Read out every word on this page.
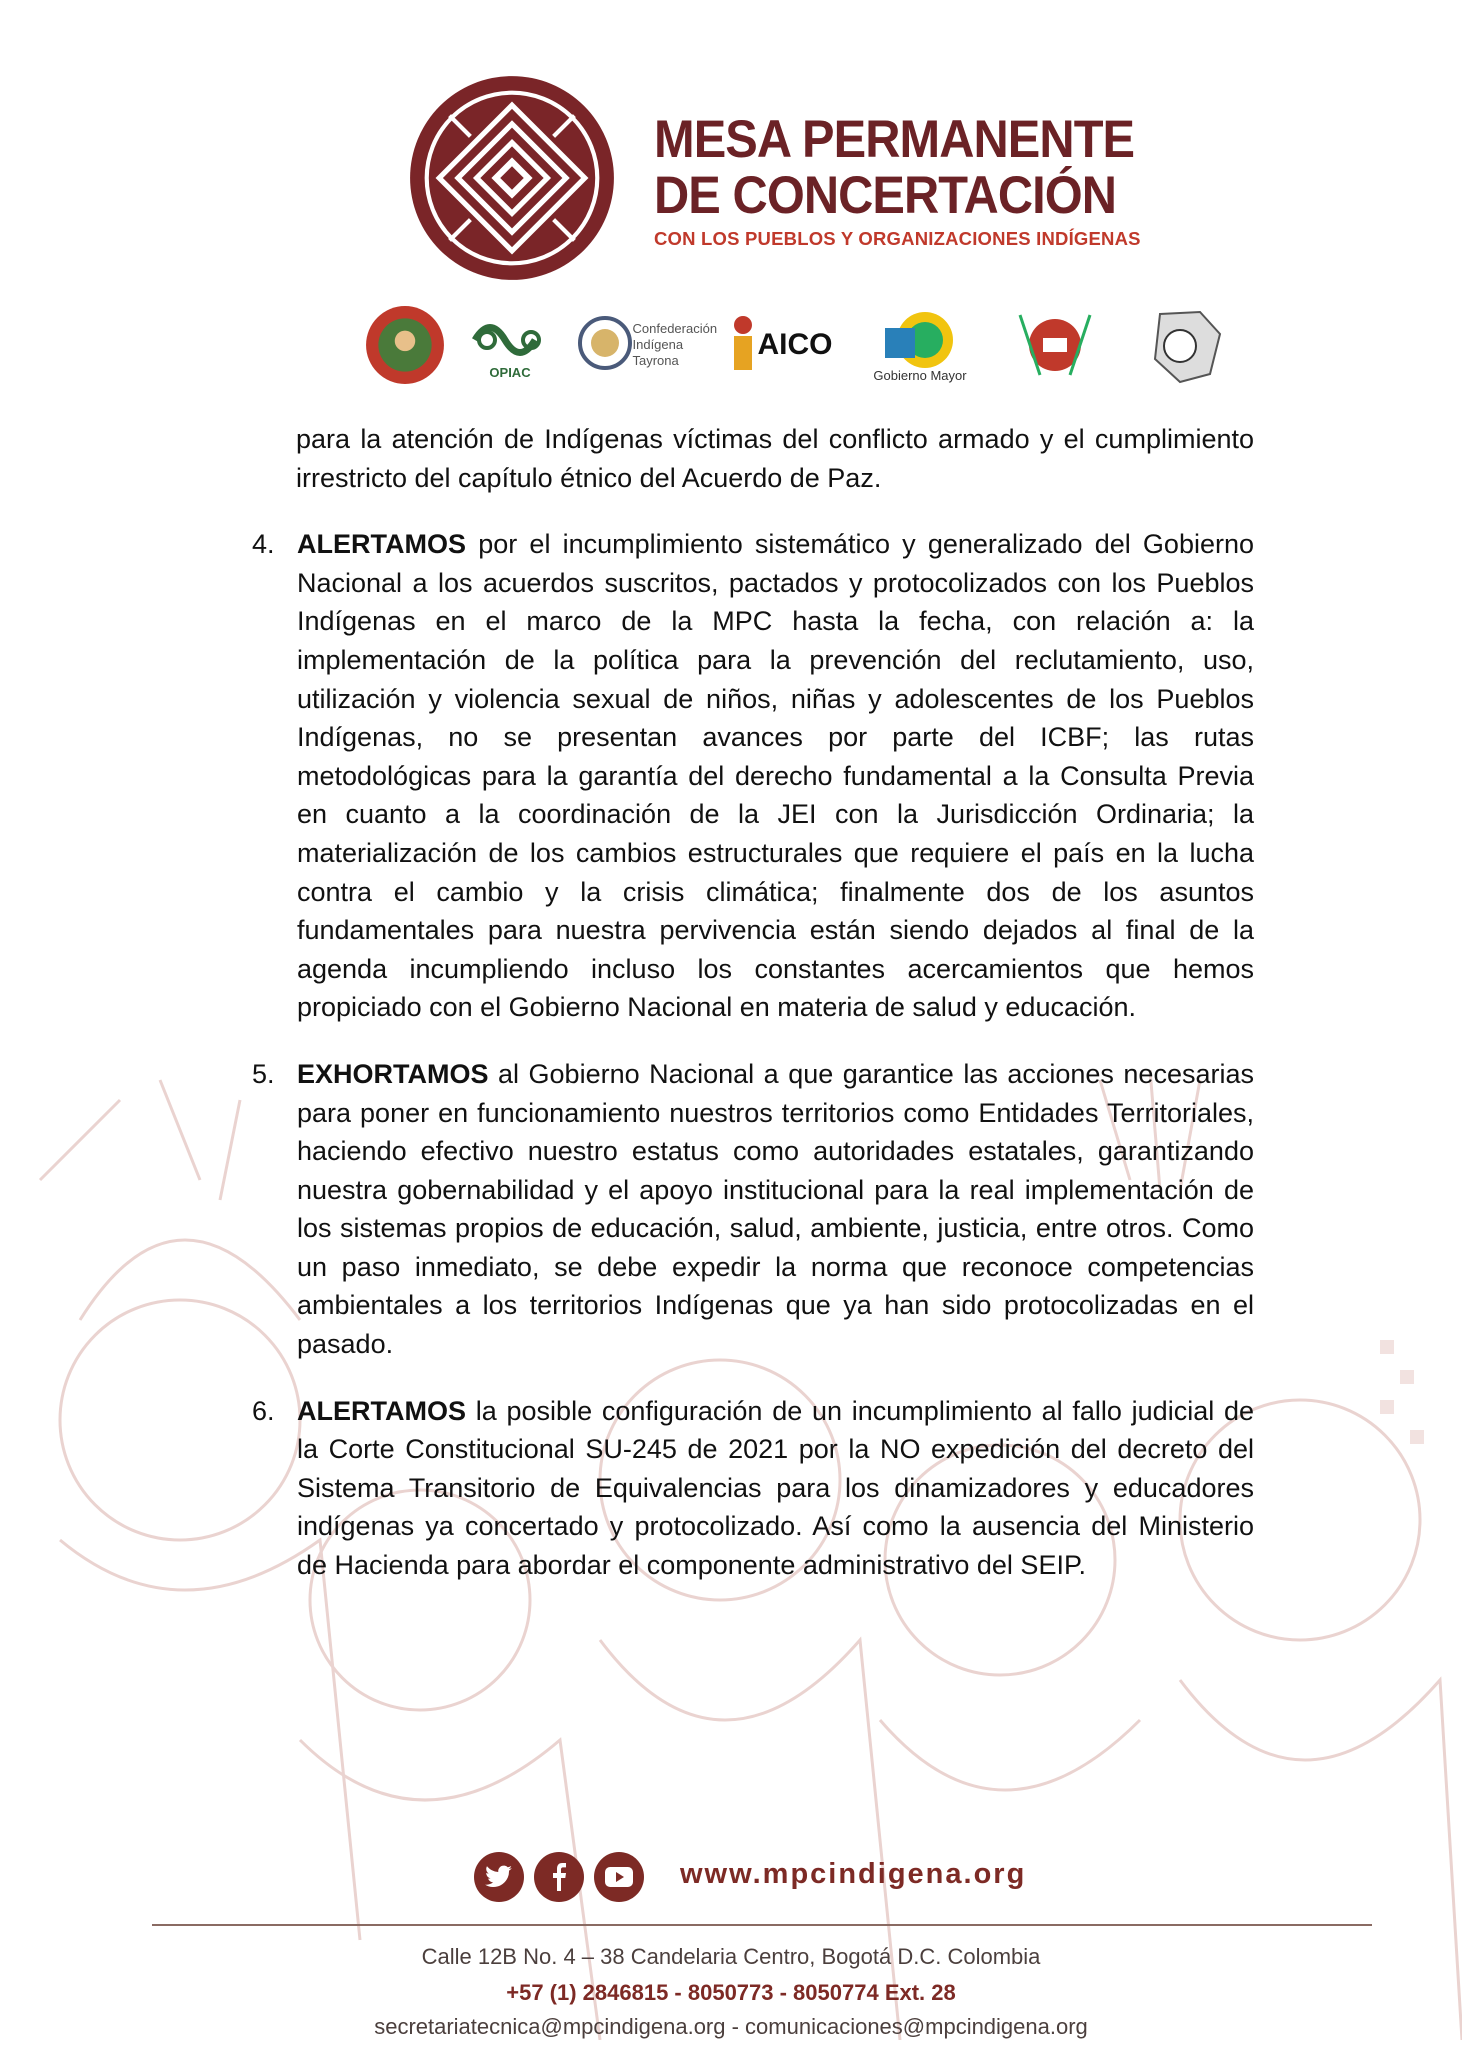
MESA PERMANENTE
DE CONCERTACIÓN
CON LOS PUEBLOS Y ORGANIZACIONES INDÍGENAS
OPIAC
Confederación Indígena Tayrona	AICO
Gobierno Mayor

para la atención de Indígenas víctimas del conflicto armado y el cumplimiento irrestricto del capítulo étnico del Acuerdo de Paz.

4. ALERTAMOS por el incumplimiento sistemático y generalizado del Gobierno Nacional a los acuerdos suscritos, pactados y protocolizados con los Pueblos Indígenas en el marco de la MPC hasta la fecha, con relación a: la implementación de la política para la prevención del reclutamiento, uso, utilización y violencia sexual de niños, niñas y adolescentes de los Pueblos Indígenas, no se presentan avances por parte del ICBF; las rutas metodológicas para la garantía del derecho fundamental a la Consulta Previa en cuanto a la coordinación de la JEI con la Jurisdicción Ordinaria; la materialización de los cambios estructurales que requiere el país en la lucha contra el cambio y la crisis climática; finalmente dos de los asuntos fundamentales para nuestra pervivencia están siendo dejados al final de la agenda incumpliendo incluso los constantes acercamientos que hemos propiciado con el Gobierno Nacional en materia de salud y educación.

5. EXHORTAMOS al Gobierno Nacional a que garantice las acciones necesarias para poner en funcionamiento nuestros territorios como Entidades Territoriales, haciendo efectivo nuestro estatus como autoridades estatales, garantizando nuestra gobernabilidad y el apoyo institucional para la real implementación de los sistemas propios de educación, salud, ambiente, justicia, entre otros. Como un paso inmediato, se debe expedir la norma que reconoce competencias ambientales a los territorios Indígenas que ya han sido protocolizadas en el pasado.

6. ALERTAMOS la posible configuración de un incumplimiento al fallo judicial de la Corte Constitucional SU-245 de 2021 por la NO expedición del decreto del Sistema Transitorio de Equivalencias para los dinamizadores y educadores indígenas ya concertado y protocolizado. Así como la ausencia del Ministerio de Hacienda para abordar el componente administrativo del SEIP.

www.mpcindigena.org
Calle 12B No. 4 – 38 Candelaria Centro, Bogotá D.C. Colombia
+57 (1) 2846815 - 8050773 - 8050774 Ext. 28
secretariatecnica@mpcindigena.org - comunicaciones@mpcindigena.org
